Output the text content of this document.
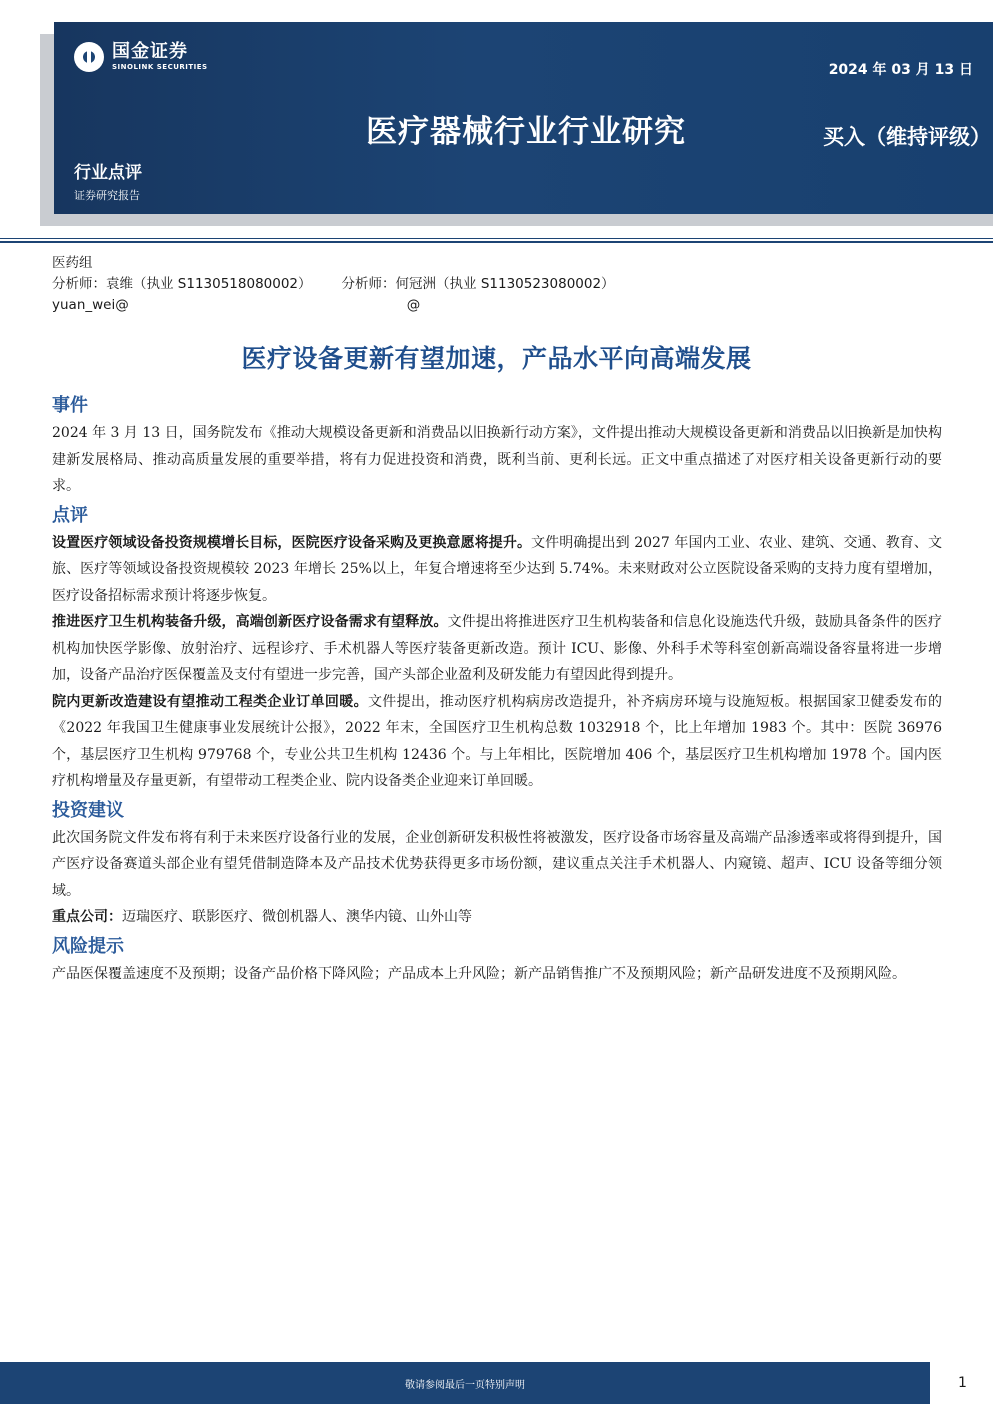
国金证券
SINOLINK SECURITIES	2024 年 03 月 13 日
医疗器械行业行业研究	买入（维持评级）
行业点评
证券研究报告
医药组
分析师：袁维（执业 S1130518080002） 分析师：何冠洲（执业 S1130523080002）
yuan_wei@	@
医疗设备更新有望加速，产品水平向高端发展
事件

2024 年 3 月 13 日，国务院发布《推动大规模设备更新和消费品以旧换新行动方案》，文件提出推动大规模设备更新和消费品以旧换新是加快构建新发展格局、推动高质量发展的重要举措，将有力促进投资和消费，既利当前、更利长远。正文中重点描述了对医疗相关设备更新行动的要求。

点评

设置医疗领域设备投资规模增长目标，医院医疗设备采购及更换意愿将提升。文件明确提出到 2027 年国内工业、农业、建筑、交通、教育、文旅、医疗等领域设备投资规模较 2023 年增长 25%以上，年复合增速将至少达到 5.74%。未来财政对公立医院设备采购的支持力度有望增加，医疗设备招标需求预计将逐步恢复。

推进医疗卫生机构装备升级，高端创新医疗设备需求有望释放。文件提出将推进医疗卫生机构装备和信息化设施迭代升级，鼓励具备条件的医疗机构加快医学影像、放射治疗、远程诊疗、手术机器人等医疗装备更新改造。预计 ICU、影像、外科手术等科室创新高端设备容量将进一步增加，设备产品治疗医保覆盖及支付有望进一步完善，国产头部企业盈利及研发能力有望因此得到提升。

院内更新改造建设有望推动工程类企业订单回暖。文件提出，推动医疗机构病房改造提升，补齐病房环境与设施短板。根据国家卫健委发布的《2022 年我国卫生健康事业发展统计公报》，2022 年末，全国医疗卫生机构总数 1032918 个，比上年增加 1983 个。其中：医院 36976 个，基层医疗卫生机构 979768 个，专业公共卫生机构 12436 个。与上年相比，医院增加 406 个，基层医疗卫生机构增加 1978 个。国内医疗机构增量及存量更新，有望带动工程类企业、院内设备类企业迎来订单回暖。

投资建议

此次国务院文件发布将有利于未来医疗设备行业的发展，企业创新研发积极性将被激发，医疗设备市场容量及高端产品渗透率或将得到提升，国产医疗设备赛道头部企业有望凭借制造降本及产品技术优势获得更多市场份额，建议重点关注手术机器人、内窥镜、超声、ICU 设备等细分领域。

重点公司：迈瑞医疗、联影医疗、微创机器人、澳华内镜、山外山等

风险提示

产品医保覆盖速度不及预期；设备产品价格下降风险；产品成本上升风险；新产品销售推广不及预期风险；新产品研发进度不及预期风险。

敬请参阅最后一页特别声明	1
